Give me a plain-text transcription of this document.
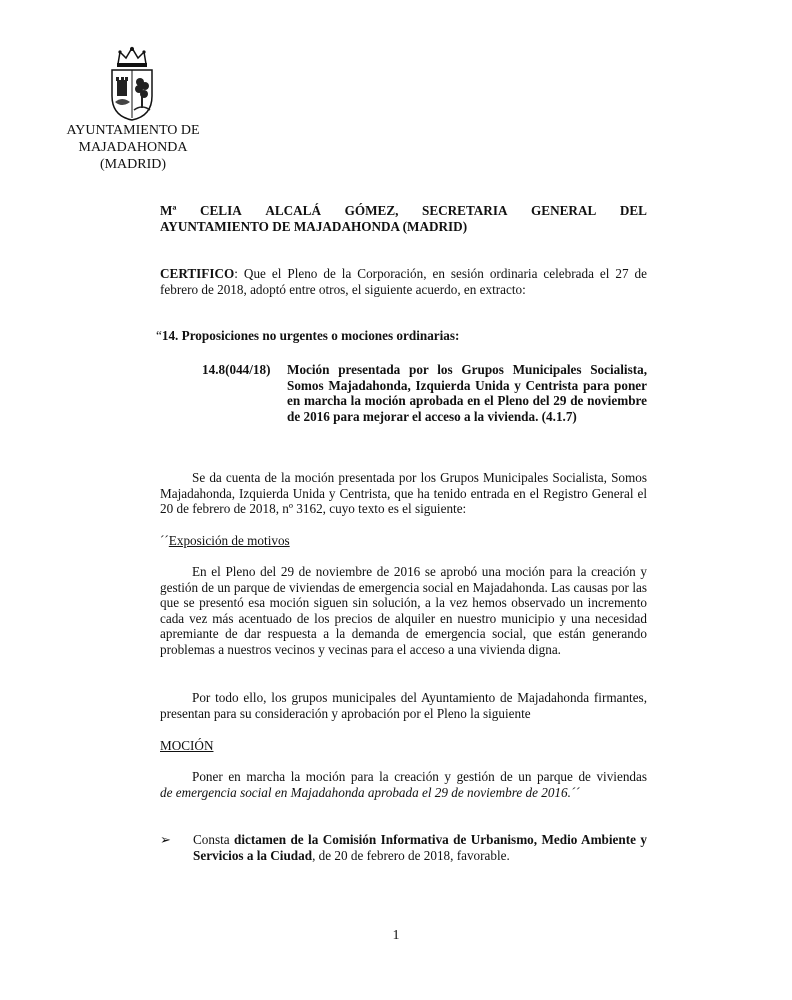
AYUNTAMIENTO DE
MAJADAHONDA
(MADRID)
Mª CELIA ALCALÁ GÓMEZ, SECRETARIA GENERAL DEL
AYUNTAMIENTO DE MAJADAHONDA (MADRID)
CERTIFICO: Que el Pleno de la Corporación, en sesión ordinaria celebrada el 27 de febrero de 2018, adoptó entre otros, el siguiente acuerdo, en extracto:
“14. Proposiciones no urgentes o mociones ordinarias:
14.8(044/18) Moción presentada por los Grupos Municipales Socialista, Somos Majadahonda, Izquierda Unida y Centrista para poner en marcha la moción aprobada en el Pleno del 29 de noviembre de 2016 para mejorar el acceso a la vivienda. (4.1.7)
Se da cuenta de la moción presentada por los Grupos Municipales Socialista, Somos Majadahonda, Izquierda Unida y Centrista, que ha tenido entrada en el Registro General el 20 de febrero de 2018, nº 3162, cuyo texto es el siguiente:
´´Exposición de motivos
En el Pleno del 29 de noviembre de 2016 se aprobó una moción para la creación y gestión de un parque de viviendas de emergencia social en Majadahonda. Las causas por las que se presentó esa moción siguen sin solución, a la vez hemos observado un incremento cada vez más acentuado de los precios de alquiler en nuestro municipio y una necesidad apremiante de dar respuesta a la demanda de emergencia social, que están generando problemas a nuestros vecinos y vecinas para el acceso a una vivienda digna.
Por todo ello, los grupos municipales del Ayuntamiento de Majadahonda firmantes, presentan para su consideración y aprobación por el Pleno la siguiente
MOCIÓN
Poner en marcha la moción para la creación y gestión de un parque de viviendas
de emergencia social en Majadahonda aprobada el 29 de noviembre de 2016.´´
➢ Consta dictamen de la Comisión Informativa de Urbanismo, Medio Ambiente y Servicios a la Ciudad, de 20 de febrero de 2018, favorable.
1
